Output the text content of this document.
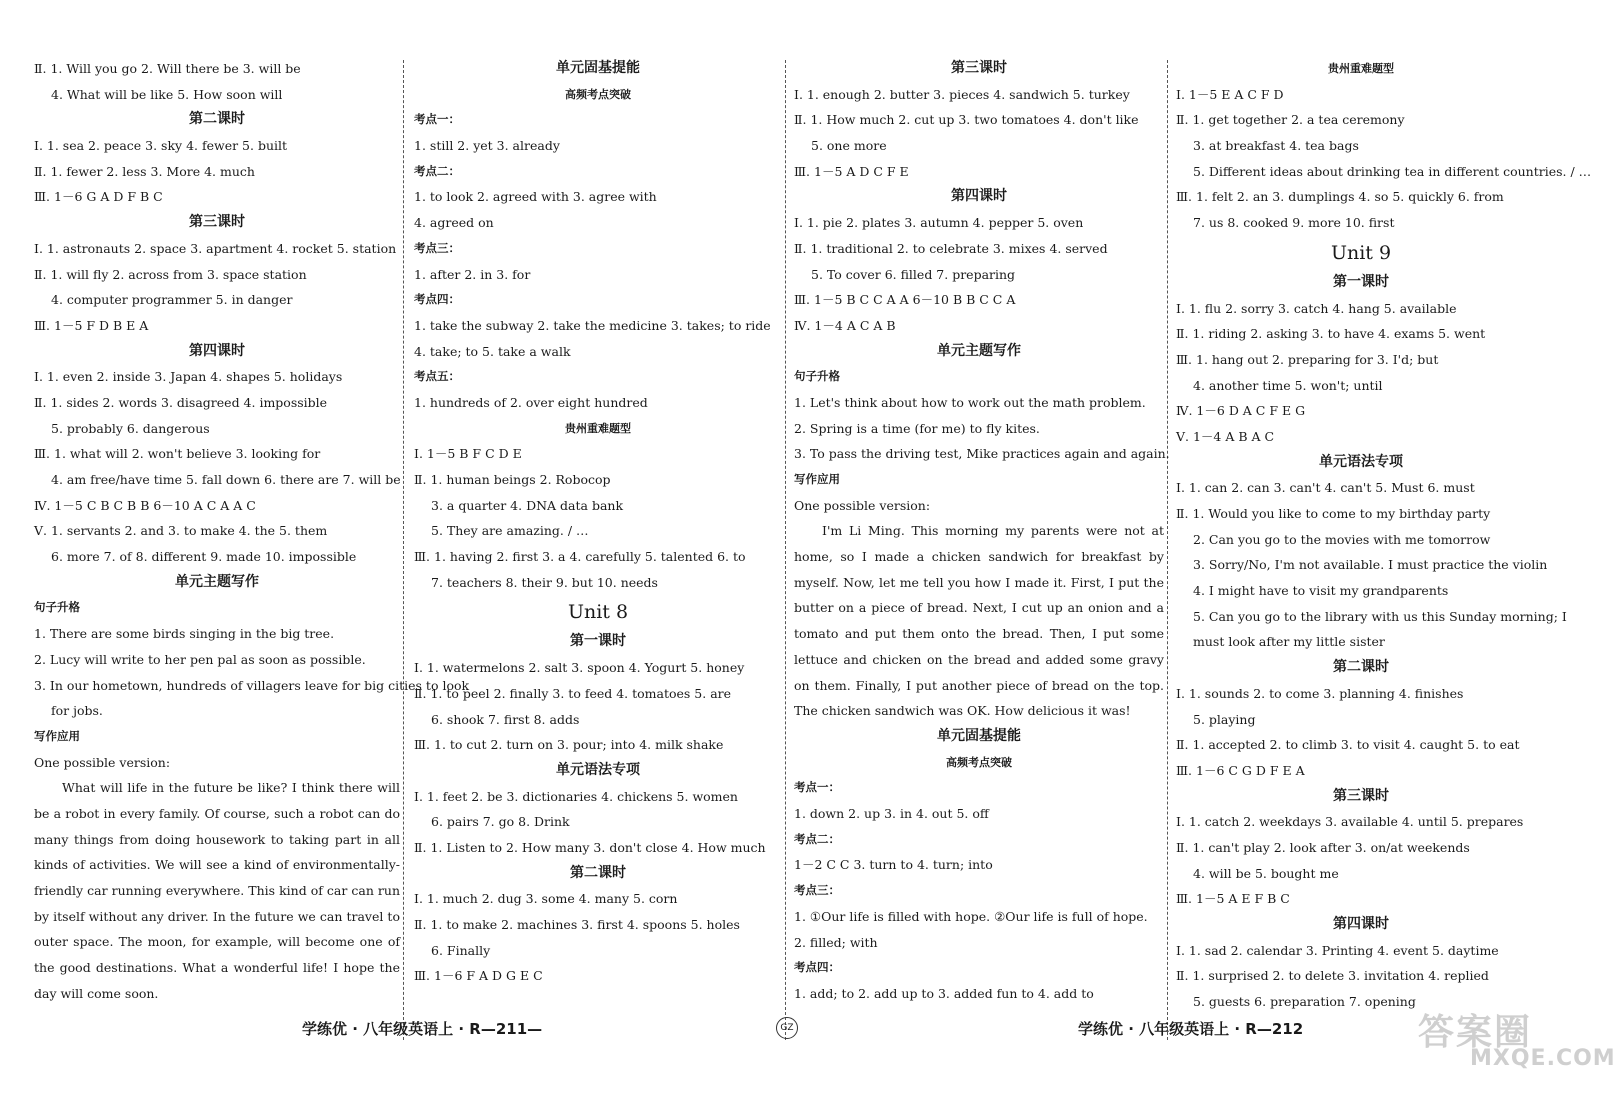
Ⅱ. 1. Will you go 2. Will there be 3. will be
4. What will be like 5. How soon will
第二课时
Ⅰ. 1. sea 2. peace 3. sky 4. fewer 5. built
Ⅱ. 1. fewer 2. less 3. More 4. much
Ⅲ. 1－6 G A D F B C
第三课时
Ⅰ. 1. astronauts 2. space 3. apartment 4. rocket 5. station
Ⅱ. 1. will fly 2. across from 3. space station
4. computer programmer 5. in danger
Ⅲ. 1－5 F D B E A
第四课时
Ⅰ. 1. even 2. inside 3. Japan 4. shapes 5. holidays
Ⅱ. 1. sides 2. words 3. disagreed 4. impossible
5. probably 6. dangerous
Ⅲ. 1. what will 2. won't believe 3. looking for
4. am free/have time 5. fall down 6. there are 7. will be
Ⅳ. 1－5 C B C B B 6－10 A C A A C
Ⅴ. 1. servants 2. and 3. to make 4. the 5. them
6. more 7. of 8. different 9. made 10. impossible
单元主题写作
句子升格
1. There are some birds singing in the big tree.
2. Lucy will write to her pen pal as soon as possible.
3. In our hometown, hundreds of villagers leave for big cities to look
for jobs.
写作应用
One possible version:
What will life in the future be like? I think there will be a robot in every family. Of course, such a robot can do many things from doing housework to taking part in all kinds of activities. We will see a kind of environmentally-friendly car running everywhere. This kind of car can run by itself without any driver. In the future we can travel to outer space. The moon, for example, will become one of the good destinations. What a wonderful life! I hope the day will come soon.
单元固基提能
高频考点突破
考点一：
1. still 2. yet 3. already
考点二：
1. to look 2. agreed with 3. agree with
4. agreed on
考点三：
1. after 2. in 3. for
考点四：
1. take the subway 2. take the medicine 3. takes; to ride
4. take; to 5. take a walk
考点五：
1. hundreds of 2. over eight hundred
贵州重难题型
Ⅰ. 1－5 B F C D E
Ⅱ. 1. human beings 2. Robocop
3. a quarter 4. DNA data bank
5. They are amazing. / …
Ⅲ. 1. having 2. first 3. a 4. carefully 5. talented 6. to
7. teachers 8. their 9. but 10. needs
Unit 8
第一课时
Ⅰ. 1. watermelons 2. salt 3. spoon 4. Yogurt 5. honey
Ⅱ. 1. to peel 2. finally 3. to feed 4. tomatoes 5. are
6. shook 7. first 8. adds
Ⅲ. 1. to cut 2. turn on 3. pour; into 4. milk shake
单元语法专项
Ⅰ. 1. feet 2. be 3. dictionaries 4. chickens 5. women
6. pairs 7. go 8. Drink
Ⅱ. 1. Listen to 2. How many 3. don't close 4. How much
第二课时
Ⅰ. 1. much 2. dug 3. some 4. many 5. corn
Ⅱ. 1. to make 2. machines 3. first 4. spoons 5. holes
6. Finally
Ⅲ. 1－6 F A D G E C
第三课时
Ⅰ. 1. enough 2. butter 3. pieces 4. sandwich 5. turkey
Ⅱ. 1. How much 2. cut up 3. two tomatoes 4. don't like
5. one more
Ⅲ. 1－5 A D C F E
第四课时
Ⅰ. 1. pie 2. plates 3. autumn 4. pepper 5. oven
Ⅱ. 1. traditional 2. to celebrate 3. mixes 4. served
5. To cover 6. filled 7. preparing
Ⅲ. 1－5 B C C A A 6－10 B B C C A
Ⅳ. 1－4 A C A B
单元主题写作
句子升格
1. Let's think about how to work out the math problem.
2. Spring is a time (for me) to fly kites.
3. To pass the driving test, Mike practices again and again.
写作应用
One possible version:
I'm Li Ming. This morning my parents were not at home, so I made a chicken sandwich for breakfast by myself. Now, let me tell you how I made it. First, I put the butter on a piece of bread. Next, I cut up an onion and a tomato and put them onto the bread. Then, I put some lettuce and chicken on the bread and added some gravy on them. Finally, I put another piece of bread on the top. The chicken sandwich was OK. How delicious it was!
单元固基提能
高频考点突破
考点一：
1. down 2. up 3. in 4. out 5. off
考点二：
1－2 C C 3. turn to 4. turn; into
考点三：
1. ①Our life is filled with hope. ②Our life is full of hope.
2. filled; with
考点四：
1. add; to 2. add up to 3. added fun to 4. add to
贵州重难题型
Ⅰ. 1－5 E A C F D
Ⅱ. 1. get together 2. a tea ceremony
3. at breakfast 4. tea bags
5. Different ideas about drinking tea in different countries. / …
Ⅲ. 1. felt 2. an 3. dumplings 4. so 5. quickly 6. from
7. us 8. cooked 9. more 10. first
Unit 9
第一课时
Ⅰ. 1. flu 2. sorry 3. catch 4. hang 5. available
Ⅱ. 1. riding 2. asking 3. to have 4. exams 5. went
Ⅲ. 1. hang out 2. preparing for 3. I'd; but
4. another time 5. won't; until
Ⅳ. 1－6 D A C F E G
Ⅴ. 1－4 A B A C
单元语法专项
Ⅰ. 1. can 2. can 3. can't 4. can't 5. Must 6. must
Ⅱ. 1. Would you like to come to my birthday party
2. Can you go to the movies with me tomorrow
3. Sorry/No, I'm not available. I must practice the violin
4. I might have to visit my grandparents
5. Can you go to the library with us this Sunday morning; I
must look after my little sister
第二课时
Ⅰ. 1. sounds 2. to come 3. planning 4. finishes
5. playing
Ⅱ. 1. accepted 2. to climb 3. to visit 4. caught 5. to eat
Ⅲ. 1－6 C G D F E A
第三课时
Ⅰ. 1. catch 2. weekdays 3. available 4. until 5. prepares
Ⅱ. 1. can't play 2. look after 3. on/at weekends
4. will be 5. bought me
Ⅲ. 1－5 A E F B C
第四课时
Ⅰ. 1. sad 2. calendar 3. Printing 4. event 5. daytime
Ⅱ. 1. surprised 2. to delete 3. invitation 4. replied
5. guests 6. preparation 7. opening
学练优 · 八年级英语上 · R—211—	GZ	学练优 · 八年级英语上 · R—212	答案圈
MXQE.COM
